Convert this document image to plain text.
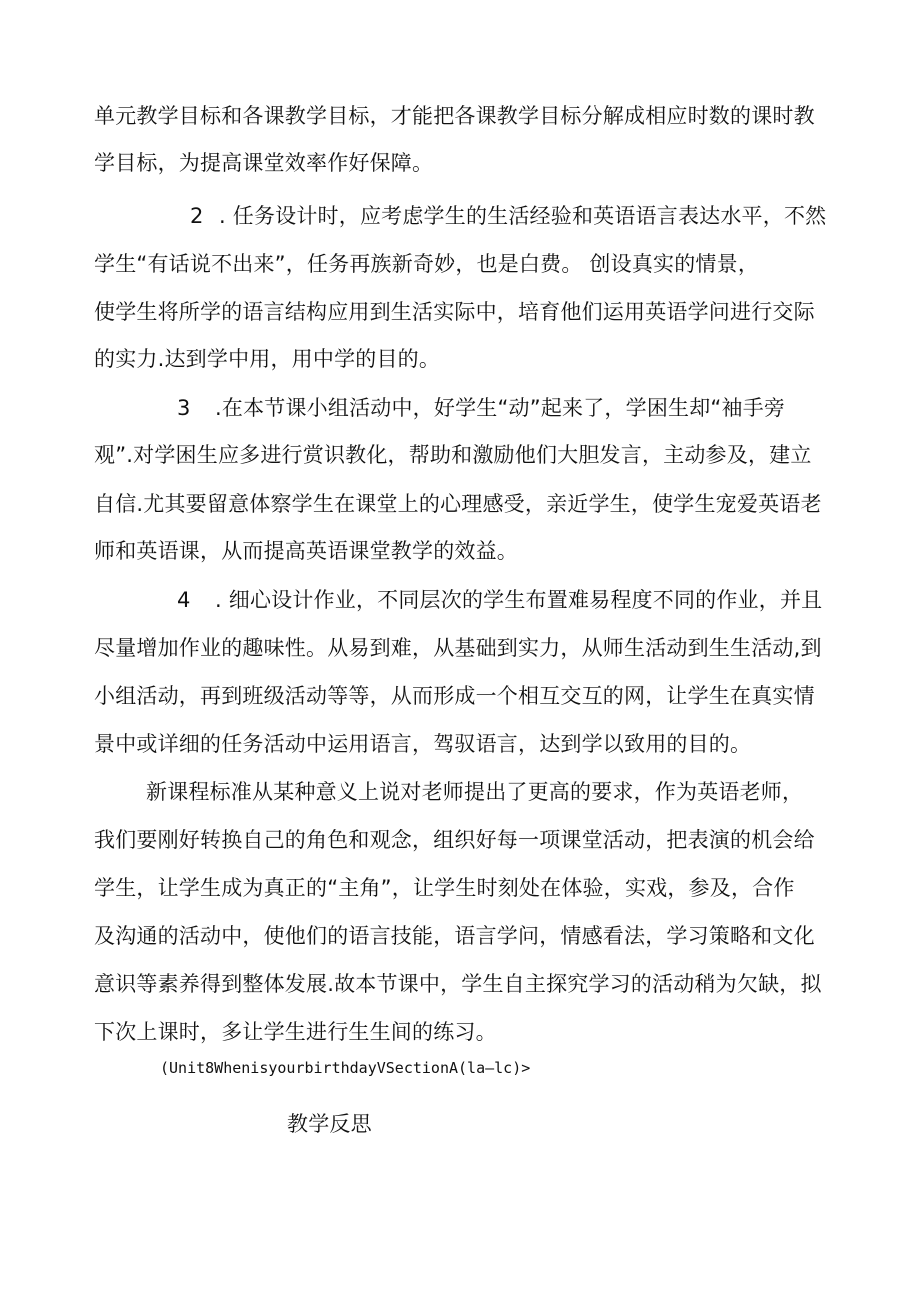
单元教学目标和各课教学目标，才能把各课教学目标分解成相应时数的课时教
学目标，为提高课堂效率作好保障。
2 . 任务设计时，应考虑学生的生活经验和英语语言表达水平，不然
学生“有话说不出来”，任务再族新奇妙，也是白费。 创设真实的情景，
使学生将所学的语言结构应用到生活实际中，培育他们运用英语学问进行交际
的实力.达到学中用，用中学的目的。
3 .在本节课小组活动中，好学生“动”起来了，学困生却“袖手旁
观”.对学困生应多进行赏识教化，帮助和激励他们大胆发言，主动参及，建立
自信.尤其要留意体察学生在课堂上的心理感受，亲近学生，使学生宠爱英语老
师和英语课，从而提高英语课堂教学的效益。
4 . 细心设计作业，不同层次的学生布置难易程度不同的作业，并且
尽量增加作业的趣味性。从易到难，从基础到实力，从师生活动到生生活动,到
小组活动，再到班级活动等等，从而形成一个相互交互的网，让学生在真实情
景中或详细的任务活动中运用语言，驾驭语言，达到学以致用的目的。
新课程标准从某种意义上说对老师提出了更高的要求，作为英语老师，
我们要刚好转换自己的角色和观念，组织好每一项课堂活动，把表演的机会给
学生，让学生成为真正的“主角”，让学生时刻处在体验，实戏，参及，合作
及沟通的活动中，使他们的语言技能，语言学问，情感看法，学习策略和文化
意识等素养得到整体发展.故本节课中，学生自主探究学习的活动稍为欠缺，拟
下次上课时，多让学生进行生生间的练习。
(Unit8WhenisyourbirthdayVSectionA(la—lc)>
教学反思
